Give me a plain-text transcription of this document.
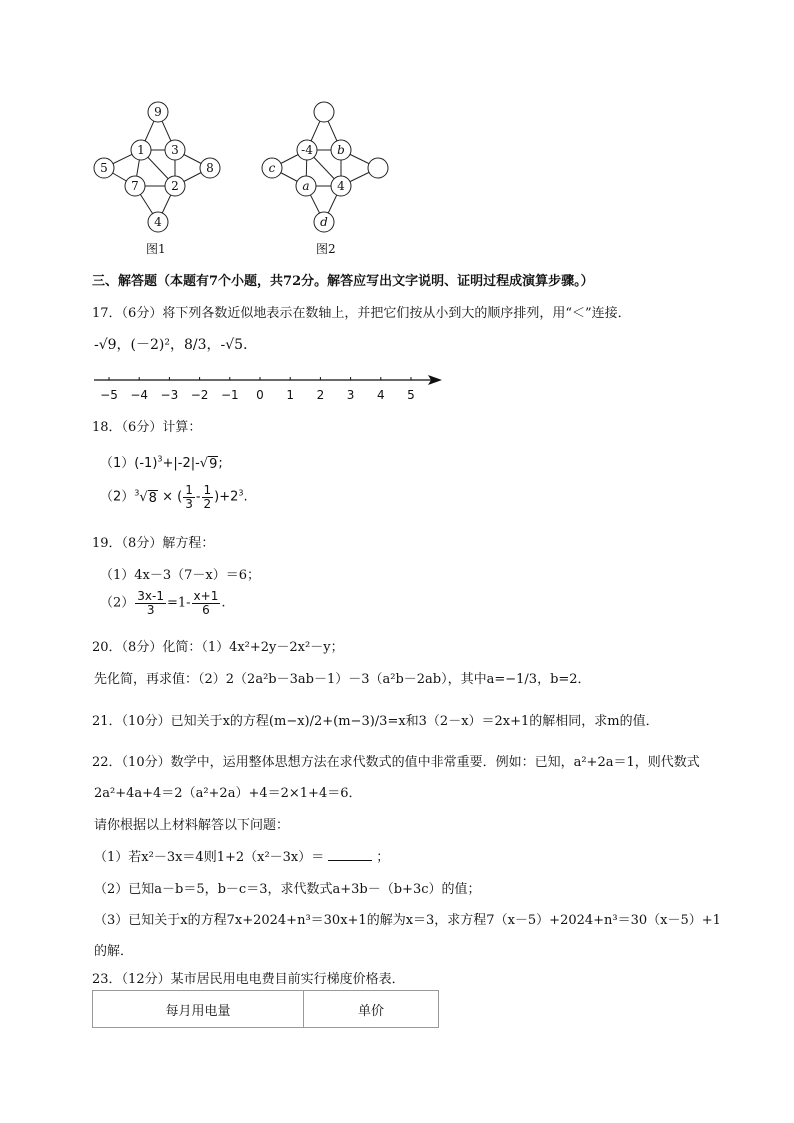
9
1 3
5	8
7	2
4
图1
-4 b
c
a 4
d
图2
三、解答题（本题有7个小题，共72分。解答应写出文字说明、证明过程成演算步骤。）
17．（6分）将下列各数近似地表示在数轴上，并把它们按从小到大的顺序排列，用“＜”连接．
-√9，(－2)²，8/3，-√5．
−5 −4 −3 −2 −1 0 1 2 3 4 5
18．（6分）计算：
$(1)(-1)^3+|-2|-$ √ 9 ;
$(2)^3$ √ 8 × ( $\frac{1}{3} - \frac{1}{2} )+2^3$.
19．（8分）解方程：
（1）4x－3（7－x）＝6；
$(2) \frac{3x-1}{3} =1- \frac{x+1}{6}$ .
20．（8分）化简：（1）4x²+2y－2x²－y；
先化简，再求值：（2）2（2a²b－3ab－1）－3（a²b－2ab），其中a=−1/3，b=2．
21．（10分）已知关于x的方程(m−x)/2+(m−3)/3=x和3（2－x）＝2x+1的解相同，求m的值．
22．（10分）数学中，运用整体思想方法在求代数式的值中非常重要．例如：已知，a²+2a＝1，则代数式
2a²+4a+4＝2（a²+2a）+4＝2×1+4＝6．
请你根据以上材料解答以下问题：
（1）若x²－3x＝4则1+2（x²－3x）＝	；
（2）已知a－b＝5，b－c＝3，求代数式a+3b－（b+3c）的值；
（3）已知关于x的方程7x+2024+n³＝30x+1的解为x＝3，求方程7（x－5）+2024+n³＝30（x－5）+1
的解．
23．（12分）某市居民用电电费目前实行梯度价格表．
每月用电量	单价
